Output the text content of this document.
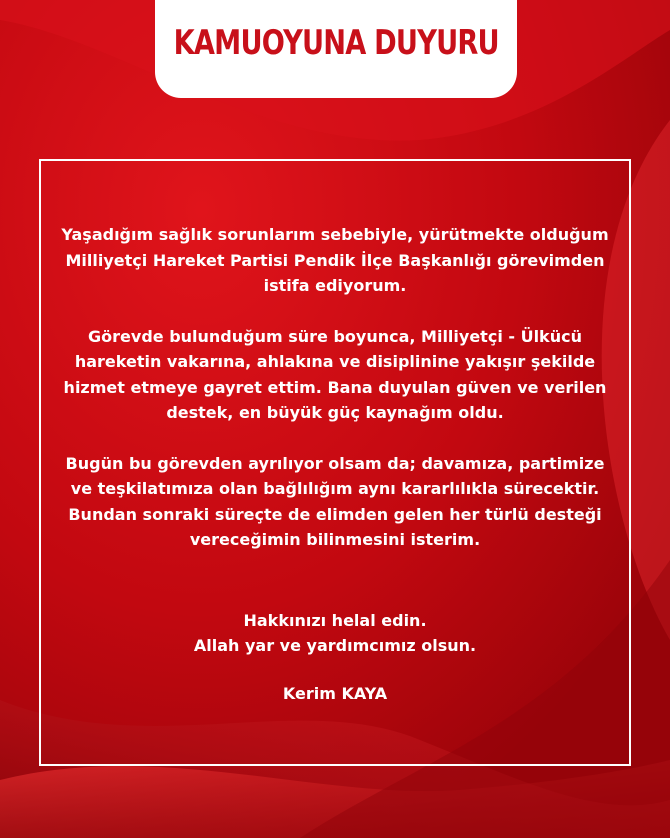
KAMUOYUNA DUYURU

Yaşadığım sağlık sorunlarım sebebiyle, yürütmekte olduğum
Milliyetçi Hareket Partisi Pendik İlçe Başkanlığı görevimden
istifa ediyorum.

Görevde bulunduğum süre boyunca, Milliyetçi - Ülkücü
hareketin vakarına, ahlakına ve disiplinine yakışır şekilde
hizmet etmeye gayret ettim. Bana duyulan güven ve verilen
destek, en büyük güç kaynağım oldu.

Bugün bu görevden ayrılıyor olsam da; davamıza, partimize
ve teşkilatımıza olan bağlılığım aynı kararlılıkla sürecektir.
Bundan sonraki süreçte de elimden gelen her türlü desteği
vereceğimin bilinmesini isterim.

Hakkınızı helal edin.
Allah yar ve yardımcımız olsun.
Kerim KAYA
